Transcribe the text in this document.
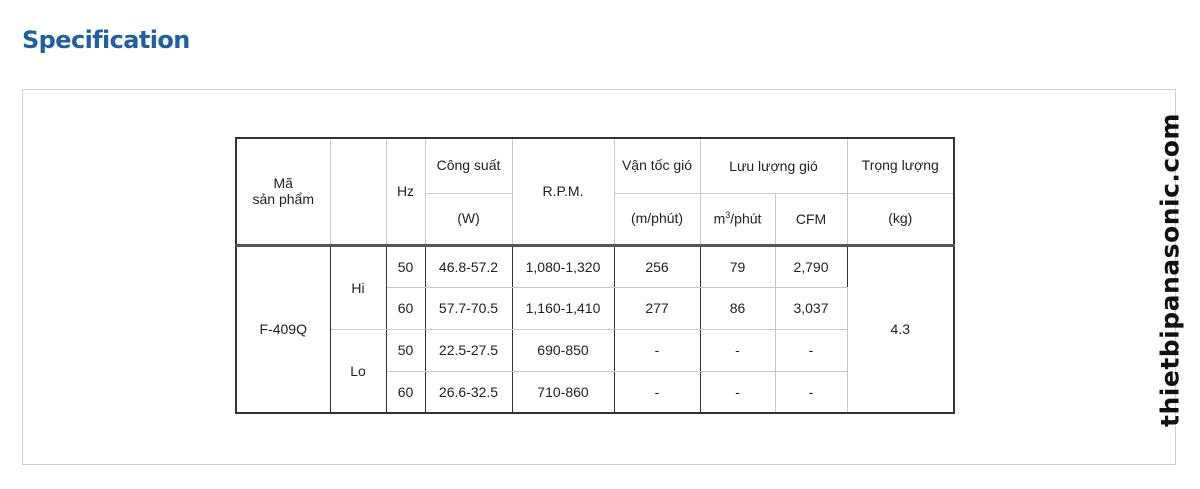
Specification
Mã
sản phẩm		Hz	Công suất	R.P.M.	Vận tốc gió	Lưu lượng gió		Trọng lượng
			(W)		(m/phút)	$m^3$/phút	CFM	(kg)
F-409Q	Hi	50	46.8-57.2	1,080-1,320	256	79	2,790	4.3
		60	57.7-70.5	1,160-1,410	277	86	3,037	
	Lo	50	22.5-27.5	690-850	-	-	-	
		60	26.6-32.5	710-860	-	-	-		thietbipanasonic.com
